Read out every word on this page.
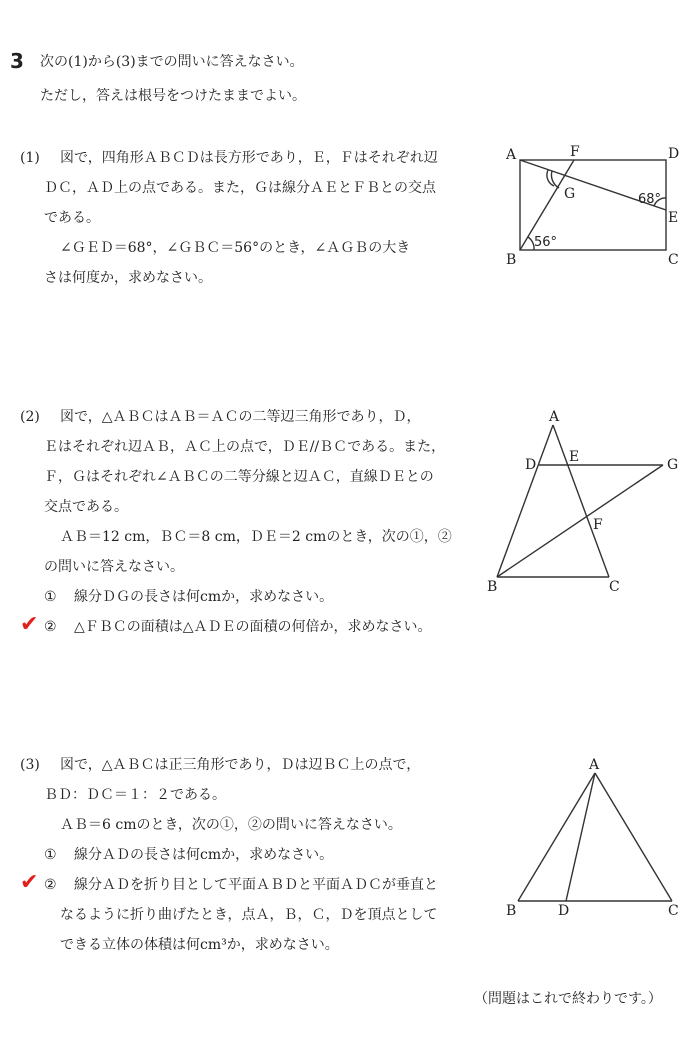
3 次の(1)から(3)までの問いに答えなさい。
ただし，答えは根号をつけたままでよい。
(1) 図で，四角形ＡＢＣＤは長方形であり，Ｅ，Ｆはそれぞれ辺
ＤＣ，ＡＤ上の点である。また，Ｇは線分ＡＥとＦＢとの交点
である。
∠ＧＥＤ＝68°，∠ＧＢＣ＝56°のとき，∠ＡＧＢの大き
さは何度か，求めなさい。
A	F	D
G
E
B	C
68°
56°
(2) 図で，△ＡＢＣはＡＢ＝ＡＣの二等辺三角形であり，Ｄ，
Ｅはそれぞれ辺ＡＢ，ＡＣ上の点で，ＤＥ//ＢＣである。また，
Ｆ，Ｇはそれぞれ∠ＡＢＣの二等分線と辺ＡＣ，直線ＤＥとの
交点である。
ＡＢ＝12 cm，ＢＣ＝8 cm，ＤＥ＝2 cmのとき，次の①，②
の問いに答えなさい。
① 線分ＤＧの長さは何cmか，求めなさい。
✔ ② △ＦＢＣの面積は△ＡＤＥの面積の何倍か，求めなさい。
A
D E	G
F
B	C
(3) 図で，△ＡＢＣは正三角形であり，Ｄは辺ＢＣ上の点で，
ＢＤ：ＤＣ＝１：２である。
ＡＢ＝6 cmのとき，次の①，②の問いに答えなさい。
① 線分ＡＤの長さは何cmか，求めなさい。
✔ ② 線分ＡＤを折り目として平面ＡＢＤと平面ＡＤＣが垂直と
なるように折り曲げたとき，点Ａ，Ｂ，Ｃ，Ｄを頂点として
できる立体の体積は何cm³か，求めなさい。
A
B	D	C
（問題はこれで終わりです。）
